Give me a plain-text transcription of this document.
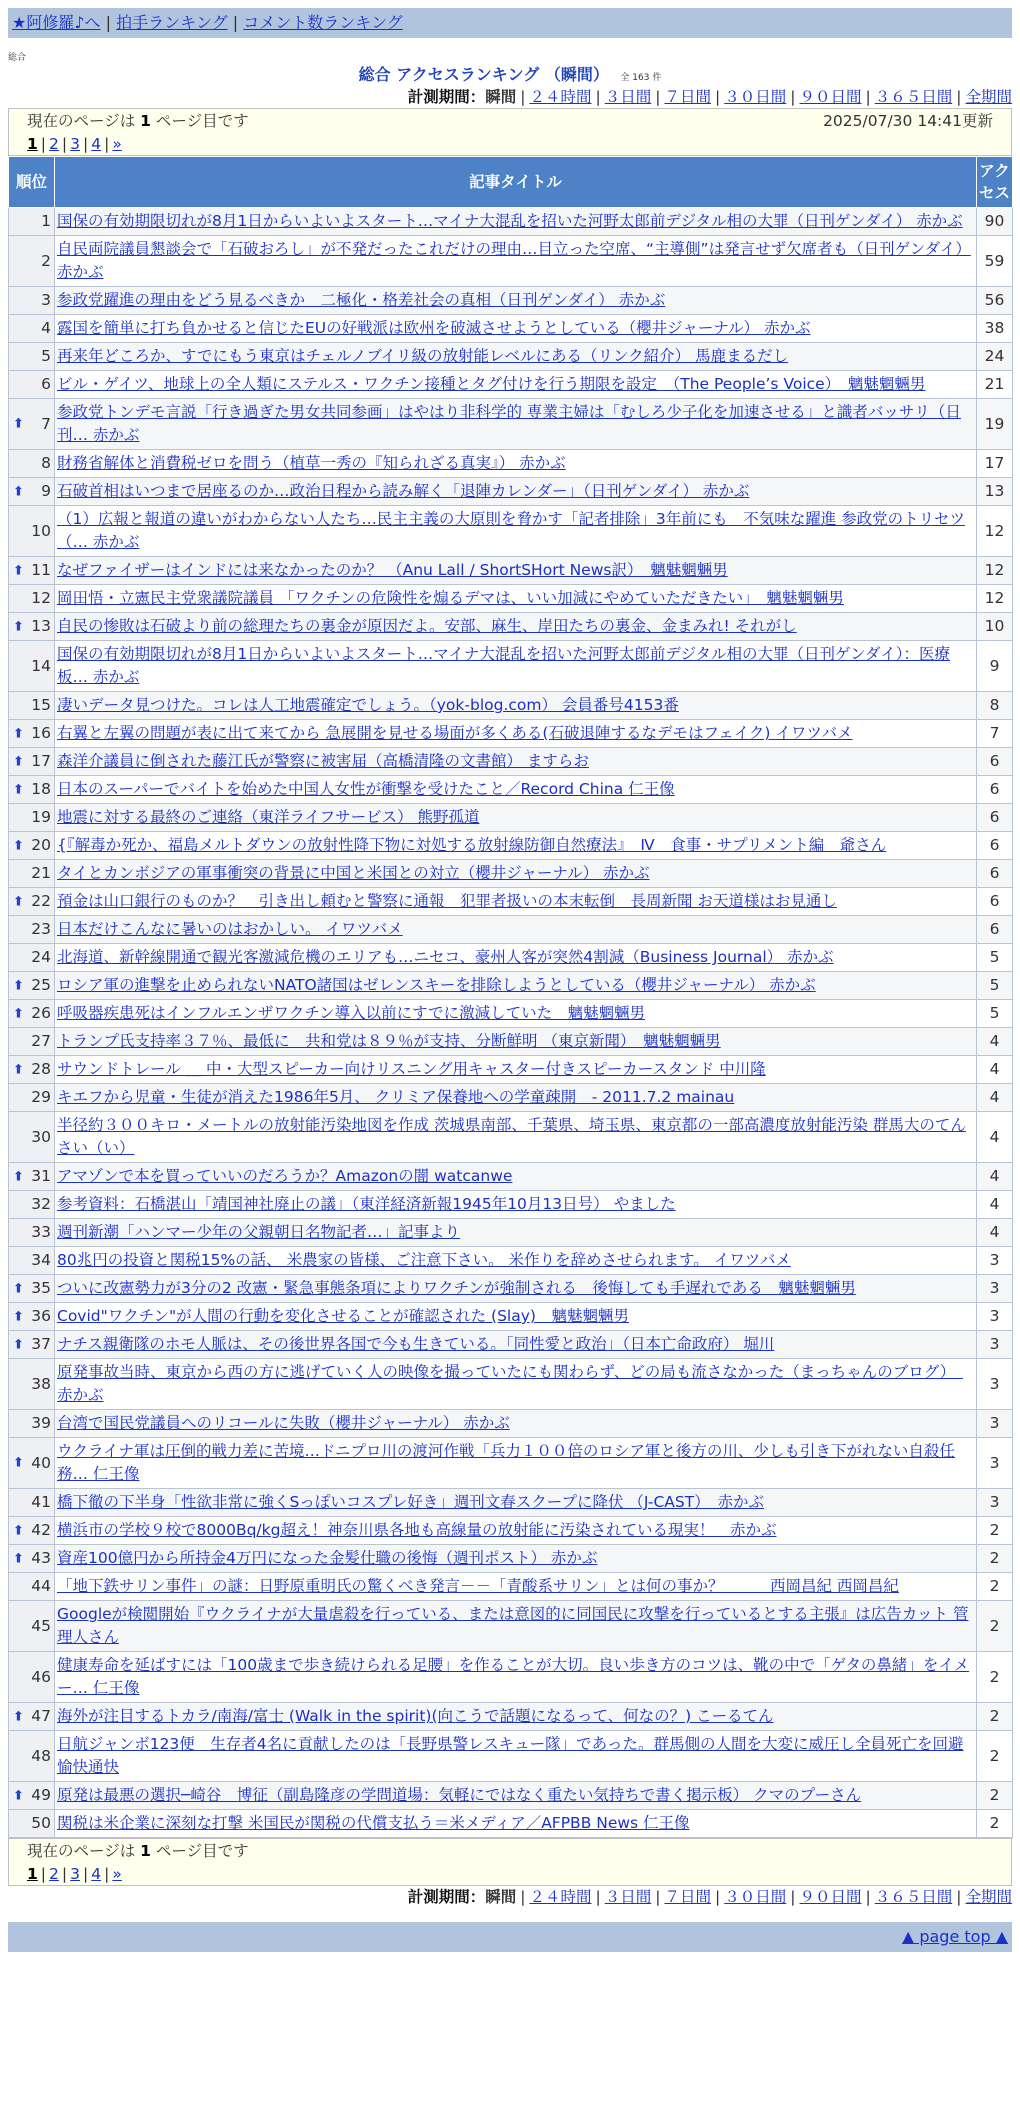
★阿修羅♪へ | 拍手ランキング | コメント数ランキング
総合
総合 アクセスランキング （瞬間） 全 163 件
計測期間：瞬間 | ２４時間 | ３日間 | ７日間 | ３０日間 | ９０日間 | ３６５日間 | 全期間
現在のページは 1 ページ目です	2025/07/30 14:41更新
1 | 2 | 3 | 4 | »
順位	記事タイトル	アクセス
1	国保の有効期限切れが8月1日からいよいよスタート…マイナ大混乱を招いた河野太郎前デジタル相の大罪（日刊ゲンダイ） 赤かぶ	90
2	自民両院議員懇談会で「石破おろし」が不発だったこれだけの理由…目立った空席、“主導側”は発言せず欠席者も（日刊ゲンダイ） 赤かぶ	59
3	参政党躍進の理由をどう見るべきか　二極化・格差社会の真相（日刊ゲンダイ） 赤かぶ	56
4	露国を簡単に打ち負かせると信じたEUの好戦派は欧州を破滅させようとしている（櫻井ジャーナル） 赤かぶ	38
5	再来年どころか、すでにもう東京はチェルノブイリ級の放射能レベルにある（リンク紹介） 馬鹿まるだし	24
6	ビル・ゲイツ、地球上の全人類にステルス・ワクチン接種とタグ付けを行う期限を設定　（The People’s Voice）　魑魅魍魎男	21

⬆ 7	参政党トンデモ言説「行き過ぎた男女共同参画」はやはり非科学的 専業主婦は「むしろ少子化を加速させる」と識者バッサリ（日刊… 赤かぶ	19
8	財務省解体と消費税ゼロを問う（植草一秀の『知られざる真実』） 赤かぶ	17

⬆ 9	石破首相はいつまで居座るのか…政治日程から読み解く「退陣カレンダー」（日刊ゲンダイ） 赤かぶ	13
10	（1）広報と報道の違いがわからない人たち…民主主義の大原則を脅かす「記者排除」3年前にも　不気味な躍進 参政党のトリセツ（… 赤かぶ	12

⬆ 11	なぜファイザーはインドには来なかったのか？ （Anu Lall / ShortSHort News訳）　魑魅魍魎男	12
12	岡田悟・立憲民主党衆議院議員 「ワクチンの危険性を煽るデマは、いい加減にやめていただきたい」　魑魅魍魎男	12

⬆ 13	自民の惨敗は石破より前の総理たちの裏金が原因だよ。安部、麻生、岸田たちの裏金、金まみれ! それがし	10
14	国保の有効期限切れが8月1日からいよいよスタート…マイナ大混乱を招いた河野太郎前デジタル相の大罪（日刊ゲンダイ）：医療板… 赤かぶ	9
15	凄いデータ見つけた。コレは人工地震確定でしょう。（yok-blog.com） 会員番号4153番	8

⬆ 16	右翼と左翼の問題が表に出て来てから 急展開を見せる場面が多くある(石破退陣するなデモはフェイク) イワツバメ	7

⬆ 17	森洋介議員に倒された藤江氏が警察に被害届（高橋清隆の文書館） ますらお	6

⬆ 18	日本のスーパーでバイトを始めた中国人女性が衝撃を受けたこと／Record China 仁王像	6
19	地震に対する最終のご連絡（東洋ライフサービス） 熊野孤道	6

⬆ 20	{『解毒か死か、福島メルトダウンの放射性降下物に対処する放射線防御自然療法』　Ⅳ　食事・サプリメント編　爺さん	6
21	タイとカンボジアの軍事衝突の背景に中国と米国との対立（櫻井ジャーナル） 赤かぶ	6

⬆ 22	預金は山口銀行のものか？　引き出し頼むと警察に通報　犯罪者扱いの本末転倒　長周新聞 お天道様はお見通し	6
23	日本だけこんなに暑いのはおかしい。 イワツバメ	6
24	北海道、新幹線開通で観光客激減危機のエリアも…ニセコ、豪州人客が突然4割減（Business Journal） 赤かぶ	5

⬆ 25	ロシア軍の進撃を止められないNATO諸国はゼレンスキーを排除しようとしている（櫻井ジャーナル） 赤かぶ	5

⬆ 26	呼吸器疾患死はインフルエンザワクチン導入以前にすでに激減していた　魑魅魍魎男	5
27	トランプ氏支持率３７％、最低に　共和党は８９％が支持、分断鮮明 （東京新聞）　魑魅魍魎男	4

⬆ 28	サウンドトレール ＿ 中・大型スピーカー向けリスニング用キャスター付きスピーカースタンド 中川隆	4
29	キエフから児童・生徒が消えた1986年5月、 クリミア保養地への学童疎開　- 2011.7.2 mainau	4
30	半径約３００キロ・メートルの放射能汚染地図を作成 茨城県南部、千葉県、埼玉県、東京都の一部高濃度放射能汚染 群馬大のてんさい（い）	4

⬆ 31	アマゾンで本を買っていいのだろうか？Amazonの闇 watcanwe	4
32	参考資料：石橋湛山「靖国神社廃止の議」（東洋経済新報1945年10月13日号） やました	4
33	週刊新潮「ハンマー少年の父親朝日名物記者…」記事より	4
34	80兆円の投資と関税15%の話、 米農家の皆様、ご注意下さい。 米作りを辞めさせられます。 イワツバメ	3

⬆ 35	ついに改憲勢力が3分の2 改憲・緊急事態条項によりワクチンが強制される　後悔しても手遅れである　魑魅魍魎男	3

⬆ 36	Covid"ワクチン"が人間の行動を変化させることが確認された (Slay)　魑魅魍魎男	3

⬆ 37	ナチス親衛隊のホモ人脈は、その後世界各国で今も生きている。「同性愛と政治」（日本亡命政府） 堀川	3
38	原発事故当時、東京から西の方に逃げていく人の映像を撮っていたにも関わらず、どの局も流さなかった（まっちゃんのブログ）　赤かぶ	3
39	台湾で国民党議員へのリコールに失敗（櫻井ジャーナル） 赤かぶ	3

⬆ 40	ウクライナ軍は圧倒的戦力差に苦境…ドニプロ川の渡河作戦「兵力１００倍のロシア軍と後方の川、少しも引き下がれない自殺任務… 仁王像	3
41	橋下徹の下半身「性欲非常に強くSっぽいコスプレ好き」週刊文春スクープに降伏 （J-CAST）　赤かぶ	3

⬆ 42	横浜市の学校９校で8000Bq/kg超え！神奈川県各地も高線量の放射能に汚染されている現実！　赤かぶ	2

⬆ 43	資産100億円から所持金4万円になった金髪仕職の後悔（週刊ポスト） 赤かぶ	2
44	「地下鉄サリン事件」の謎：日野原重明氏の驚くべき発言－－「青酸系サリン」とは何の事か？　　　西岡昌紀 西岡昌紀	2
45	Googleが検閲開始『ウクライナが大量虐殺を行っている、または意図的に同国民に攻撃を行っているとする主張』は広告カット 管理人さん	2
46	健康寿命を延ばすには「100歳まで歩き続けられる足腰」を作ることが大切。良い歩き方のコツは、靴の中で「ゲタの鼻緒」をイメー… 仁王像	2

⬆ 47	海外が注目するトカラ/南海/富士 (Walk in the spirit)(向こうで話題になるって、何なの？) こーるてん	2
48	日航ジャンボ123便　生存者4名に貢献したのは「長野県警レスキュー隊」であった。群馬側の人間を大変に威圧し全員死亡を回避 愉快通快	2

⬆ 49	原発は最悪の選択─崎谷　博征（副島隆彦の学問道場：気軽にではなく重たい気持ちで書く掲示板） クマのプーさん	2
50	関税は米企業に深刻な打撃 米国民が関税の代償支払う＝米メディア／AFPBB News 仁王像	2
現在のページは 1 ページ目です
1 | 2 | 3 | 4 | »
計測期間：瞬間 | ２４時間 | ３日間 | ７日間 | ３０日間 | ９０日間 | ３６５日間 | 全期間
▲ page top ▲
